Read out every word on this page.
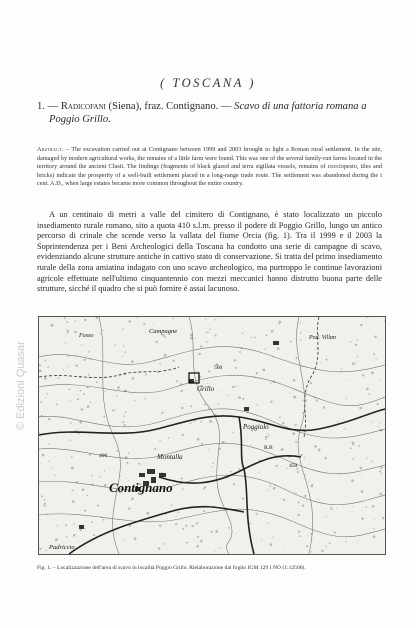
( TOSCANA )
1. — Radicofani (Siena), fraz. Contignano. — Scavo di una fattoria romana a
Poggio Grillo.
Abstract. – The excavation carried out at Contignano between 1999 and 2003 brought to light a Roman rural settlement. In the site, damaged by modern agricultural works, the remains of a little farm were found. This was one of the several family-run farms located in the territory around the ancient Clusii. The findings (fragments of black glazed and terra sigillata vessels, remains of cocciopesto, tiles and bricks) indicate the prosperity of a well-built settlement placed in a long-range trade route. The settlement was abandoned during the i cent. A.D., when large estates became more common throughout the entire country.

A un centinaio di metri a valle del cimitero di Contignano, è stato localizzato un piccolo insediamento rurale romano, sito a quota 410 s.l.m. presso il podere di Poggio Grillo, lungo un antico percorso di crinale che scende verso la vallata del fiume Orcia (fig. 1). Tra il 1999 e il 2003 la Soprintendenza per i Beni Archeologici della Toscana ha condotto una serie di campagne di scavo, evidenziando alcune strutture antiche in cattivo stato di conservazione. Si tratta del primo insediamento rurale della zona amiatina indagato con uno scavo archeologico, ma purtroppo le continue lavorazioni agricole effettuate nell'ultimo cinquantennio con mezzi meccanici hanno distrutto buona parte delle strutture, sicché il quadro che si può fornire è assai lacunoso.

Contignano
Grillo
Montalla
Poggiolo
Campagne
Pod. Villan
Fosso
Padriccio
500
450
400
R.B
Fig. 1. – Localizzazione dell'area di scavo in località Poggio Grillo. Rielaborazione dal foglio IGM 129 I NO (1:12500).
© Edizioni Quasar
